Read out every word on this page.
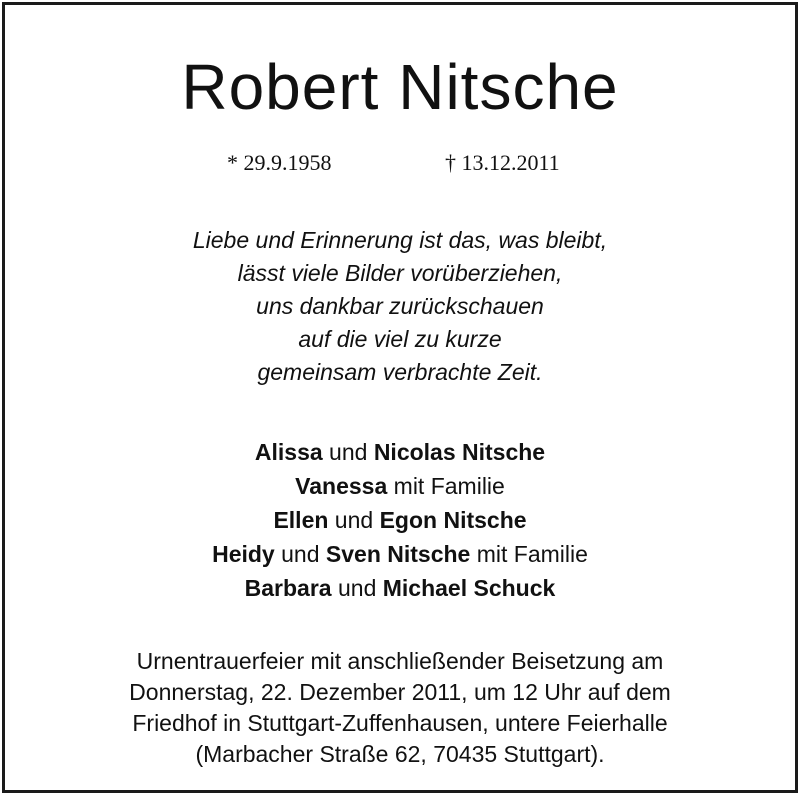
Robert Nitsche
* 29.9.1958	† 13.12.2011
Liebe und Erinnerung ist das, was bleibt,
lässt viele Bilder vorüberziehen,
uns dankbar zurückschauen
auf die viel zu kurze
gemeinsam verbrachte Zeit.
Alissa und Nicolas Nitsche
Vanessa mit Familie
Ellen und Egon Nitsche
Heidy und Sven Nitsche mit Familie
Barbara und Michael Schuck
Urnentrauerfeier mit anschließender Beisetzung am
Donnerstag, 22. Dezember 2011, um 12 Uhr auf dem
Friedhof in Stuttgart-Zuffenhausen, untere Feierhalle
(Marbacher Straße 62, 70435 Stuttgart).
